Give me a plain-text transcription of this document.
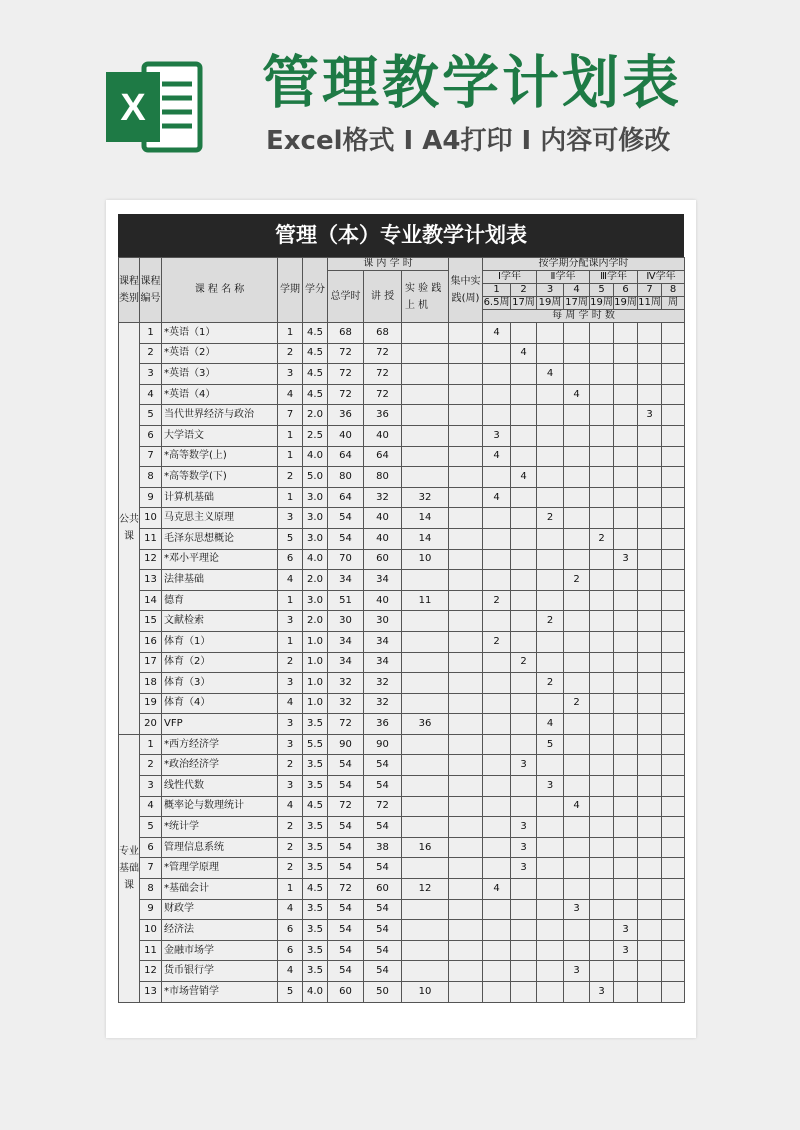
X 管理教学计划表
Excel格式 I A4打印 I 内容可修改
管理（本）专业教学计划表
课程类别	课程编号	课 程 名 称	学期	学分	课 内 学 时			集中实践(周)	按学期分配课内学时							
					总学时	讲 授	实 验 践 上 机		Ⅰ学年		Ⅱ学年		Ⅲ学年		Ⅳ学年	
									1	2	3	4	5	6	7	8
									6.5周	17周	19周	17周	19周	19周	11周	周
									每 周 学 时 数							
公共课	1	*英语（1）	1	4.5	68	68			4							
	2	*英语（2）	2	4.5	72	72				4						
	3	*英语（3）	3	4.5	72	72					4					
	4	*英语（4）	4	4.5	72	72						4				
	5	当代世界经济与政治	7	2.0	36	36									3	
	6	大学语文	1	2.5	40	40			3							
	7	*高等数学(上)	1	4.0	64	64			4							
	8	*高等数学(下)	2	5.0	80	80				4						
	9	计算机基础	1	3.0	64	32	32		4							
	10	马克思主义原理	3	3.0	54	40	14				2					
	11	毛泽东思想概论	5	3.0	54	40	14						2			
	12	*邓小平理论	6	4.0	70	60	10							3		
	13	法律基础	4	2.0	34	34						2				
	14	德育	1	3.0	51	40	11		2							
	15	文献检索	3	2.0	30	30					2					
	16	体育（1）	1	1.0	34	34			2							
	17	体育（2）	2	1.0	34	34				2						
	18	体育（3）	3	1.0	32	32					2					
	19	体育（4）	4	1.0	32	32						2				
	20	VFP	3	3.5	72	36	36				4					
专业基础课	1	*西方经济学	3	5.5	90	90					5					
	2	*政治经济学	2	3.5	54	54				3						
	3	线性代数	3	3.5	54	54					3					
	4	概率论与数理统计	4	4.5	72	72						4				
	5	*统计学	2	3.5	54	54				3						
	6	管理信息系统	2	3.5	54	38	16			3						
	7	*管理学原理	2	3.5	54	54				3						
	8	*基础会计	1	4.5	72	60	12		4							
	9	财政学	4	3.5	54	54						3				
	10	经济法	6	3.5	54	54								3		
	11	金融市场学	6	3.5	54	54								3		
	12	货币银行学	4	3.5	54	54						3				
	13	*市场营销学	5	4.0	60	50	10						3			
